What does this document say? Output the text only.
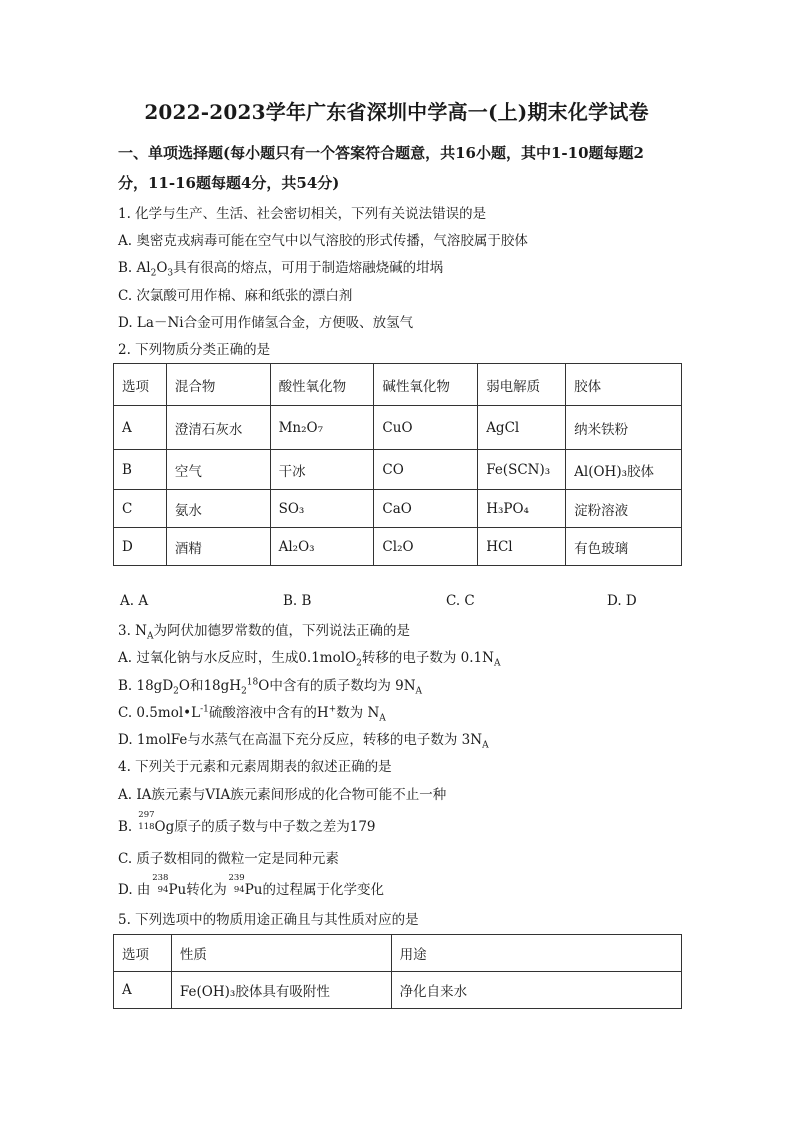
2022-2023学年广东省深圳中学高一(上)期末化学试卷
一、单项选择题(每小题只有一个答案符合题意，共16小题，其中1-10题每题2
分，11-16题每题4分，共54分)
1. 化学与生产、生活、社会密切相关，下列有关说法错误的是
A. 奥密克戎病毒可能在空气中以气溶胶的形式传播，气溶胶属于胶体
B. $Al_2O_3$具有很高的熔点，可用于制造熔融烧碱的坩埚
C. 次氯酸可用作棉、麻和纸张的漂白剂
D. La－Ni合金可用作储氢合金，方便吸、放氢气
2. 下列物质分类正确的是
选项	混合物	酸性氧化物	碱性氧化物	弱电解质	胶体
A	澄清石灰水	Mn₂O₇	CuO	AgCl	纳米铁粉
B	空气	干冰	CO	Fe(SCN)₃	Al(OH)₃胶体
C	氨水	SO₃	CaO	H₃PO₄	淀粉溶液
D	酒精	Al₂O₃	Cl₂O	HCl	有色玻璃
A. A	B. B	C. C	D. D
3. $N_A$为阿伏加德罗常数的值，下列说法正确的是
A. 过氧化钠与水反应时，生成0.1molO$_2$转移的电子数为 $0.1N_A$
B. $18gD_2O$和$18gH_2^{18}O$中含有的质子数均为 $9N_A$
C. $0.5mol•L^{-1}$硫酸溶液中含有的H+数为 $N_A$
D. 1molFe与水蒸气在高温下充分反应，转移的电子数为 $3N_A$
4. 下列关于元素和元素周期表的叙述正确的是
A. IA族元素与VIA族元素间形成的化合物可能不止一种
B.
297
118 Og原子的质子数与中子数之差为179
C. 质子数相同的微粒一定是同种元素
D. 由
238
94 Pu转化为
239
94 Pu的过程属于化学变化
5. 下列选项中的物质用途正确且与其性质对应的是
选项	性质	用途
A	Fe(OH)₃胶体具有吸附性	净化自来水
